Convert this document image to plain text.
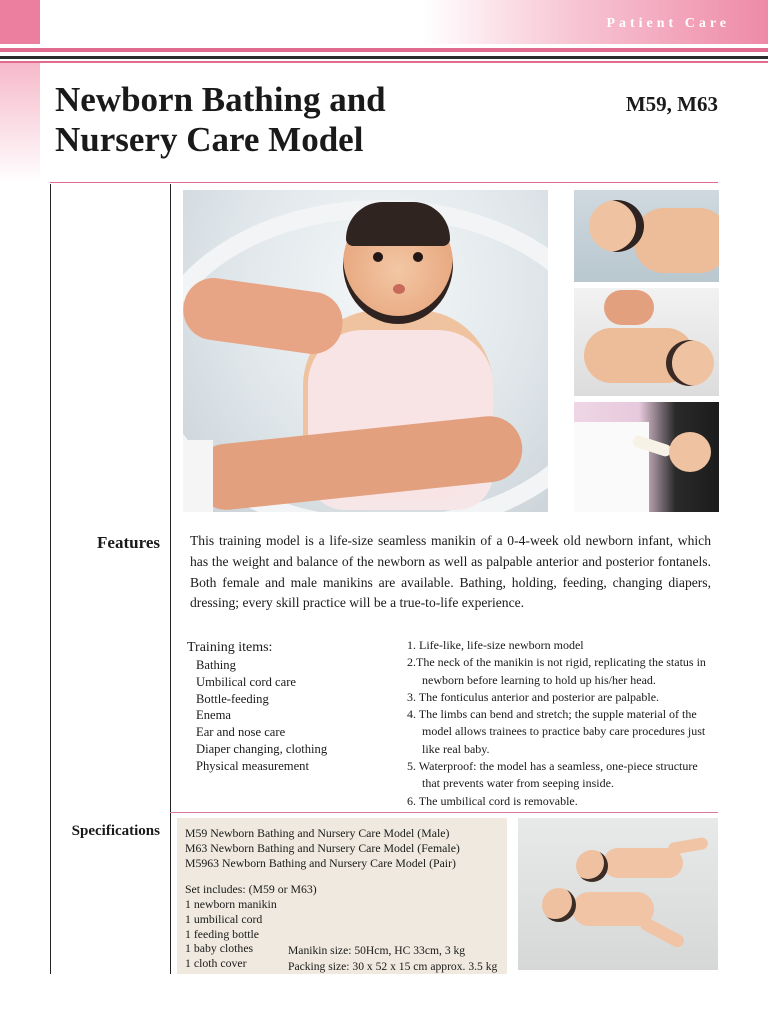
Patient Care
Newborn Bathing and
Nursery Care Model
M59, M63
Features This training model is a life-size seamless manikin of a 0-4-week old newborn infant, which has the weight and balance of the newborn as well as palpable anterior and posterior fontanels. Both female and male manikins are available. Bathing, holding, feeding, changing diapers, dressing; every skill practice will be a true-to-life experience.
Training items:
Bathing
Umbilical cord care
Bottle-feeding
Enema
Ear and nose care
Diaper changing, clothing
Physical measurement
1. Life-like, life-size newborn model
2.The neck of the manikin is not rigid, replicating the status in newborn before learning to hold up his/her head.
3. The fonticulus anterior and posterior are palpable.
4. The limbs can bend and stretch; the supple material of the model allows trainees to practice baby care procedures just like real baby.
5. Waterproof: the model has a seamless, one-piece structure that prevents water from seeping inside.
6. The umbilical cord is removable.
Specifications M59 Newborn Bathing and Nursery Care Model (Male)
M63 Newborn Bathing and Nursery Care Model (Female)
M5963 Newborn Bathing and Nursery Care Model (Pair)
Set includes: (M59 or M63)
1 newborn manikin
1 umbilical cord
1 feeding bottle
1 baby clothes
1 cloth cover
Manikin size: 50Hcm, HC 33cm, 3 kg
Packing size: 30 x 52 x 15 cm approx. 3.5 kg
